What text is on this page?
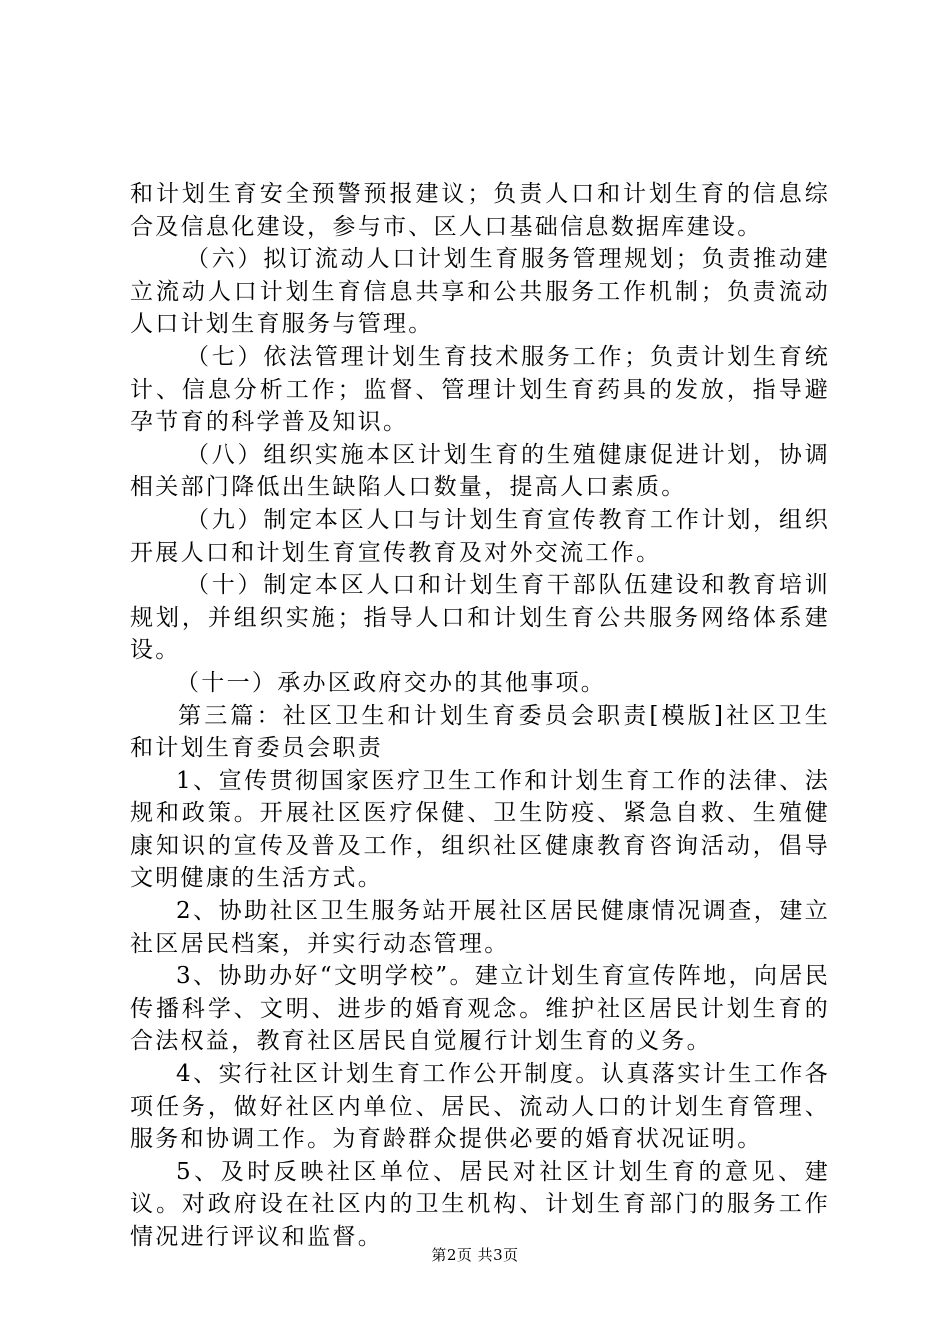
和计划生育安全预警预报建议；负责人口和计划生育的信息综合及信息化建设，参与市、区人口基础信息数据库建设。

（六）拟订流动人口计划生育服务管理规划；负责推动建立流动人口计划生育信息共享和公共服务工作机制；负责流动人口计划生育服务与管理。

（七）依法管理计划生育技术服务工作；负责计划生育统计、信息分析工作；监督、管理计划生育药具的发放，指导避孕节育的科学普及知识。

（八）组织实施本区计划生育的生殖健康促进计划，协调相关部门降低出生缺陷人口数量，提高人口素质。

（九）制定本区人口与计划生育宣传教育工作计划，组织开展人口和计划生育宣传教育及对外交流工作。

（十）制定本区人口和计划生育干部队伍建设和教育培训规划，并组织实施；指导人口和计划生育公共服务网络体系建设。

（十一）承办区政府交办的其他事项。

第三篇：社区卫生和计划生育委员会职责[模版]社区卫生和计划生育委员会职责

1、宣传贯彻国家医疗卫生工作和计划生育工作的法律、法规和政策。开展社区医疗保健、卫生防疫、紧急自救、生殖健康知识的宣传及普及工作，组织社区健康教育咨询活动，倡导文明健康的生活方式。

2、协助社区卫生服务站开展社区居民健康情况调查，建立社区居民档案，并实行动态管理。

3、协助办好“文明学校”。建立计划生育宣传阵地，向居民传播科学、文明、进步的婚育观念。维护社区居民计划生育的合法权益，教育社区居民自觉履行计划生育的义务。

4、实行社区计划生育工作公开制度。认真落实计生工作各项任务，做好社区内单位、居民、流动人口的计划生育管理、服务和协调工作。为育龄群众提供必要的婚育状况证明。

5、及时反映社区单位、居民对社区计划生育的意见、建议。对政府设在社区内的卫生机构、计划生育部门的服务工作情况进行评议和监督。

第2页 共3页
